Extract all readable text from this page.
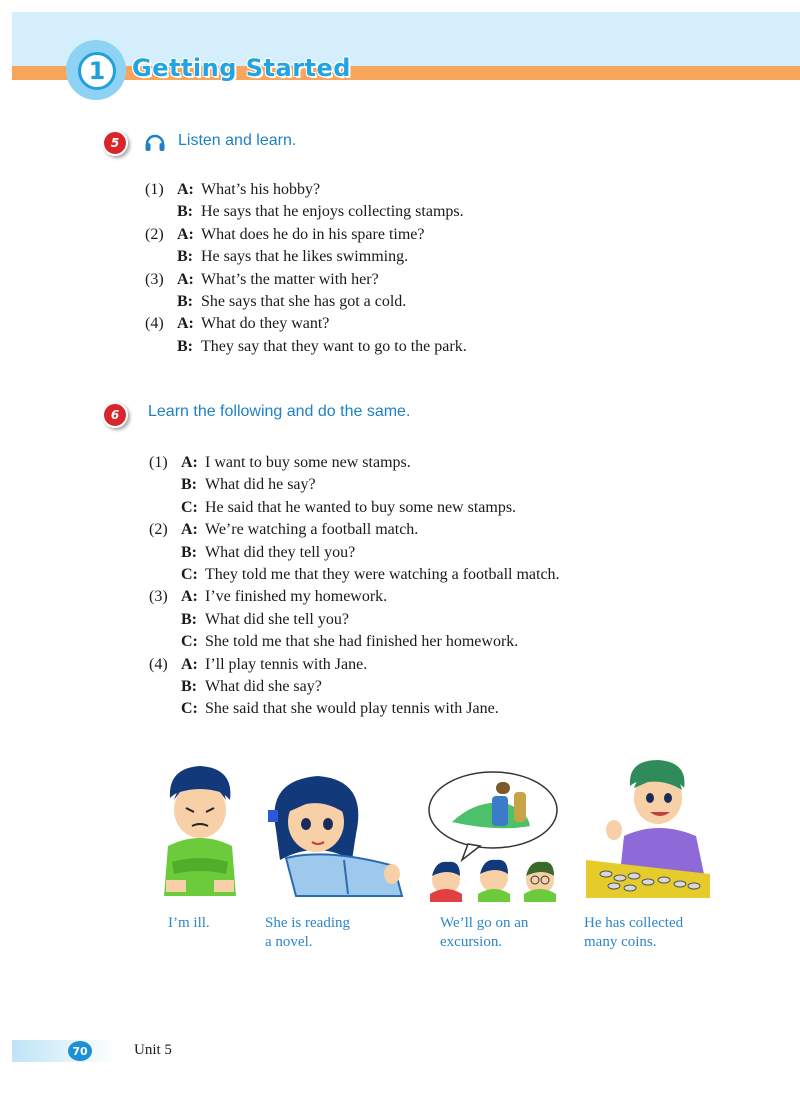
1	Getting Started
5	Listen and learn.
(1) A: What’s his hobby?
B: He says that he enjoys collecting stamps.
(2) A: What does he do in his spare time?
B: He says that he likes swimming.
(3) A: What’s the matter with her?
B: She says that she has got a cold.
(4) A: What do they want?
B: They say that they want to go to the park.
6	Learn the following and do the same.
(1) A: I want to buy some new stamps.
B: What did he say?
C: He said that he wanted to buy some new stamps.
(2) A: We’re watching a football match.
B: What did they tell you?
C: They told me that they were watching a football match.
(3) A: I’ve finished my homework.
B: What did she tell you?
C: She told me that she had finished her homework.
(4) A: I’ll play tennis with Jane.
B: What did she say?
C: She said that she would play tennis with Jane.
I’m ill.	She is reading
a novel.
We’ll go on an
excursion.
He has collected
many coins.
70	Unit 5
